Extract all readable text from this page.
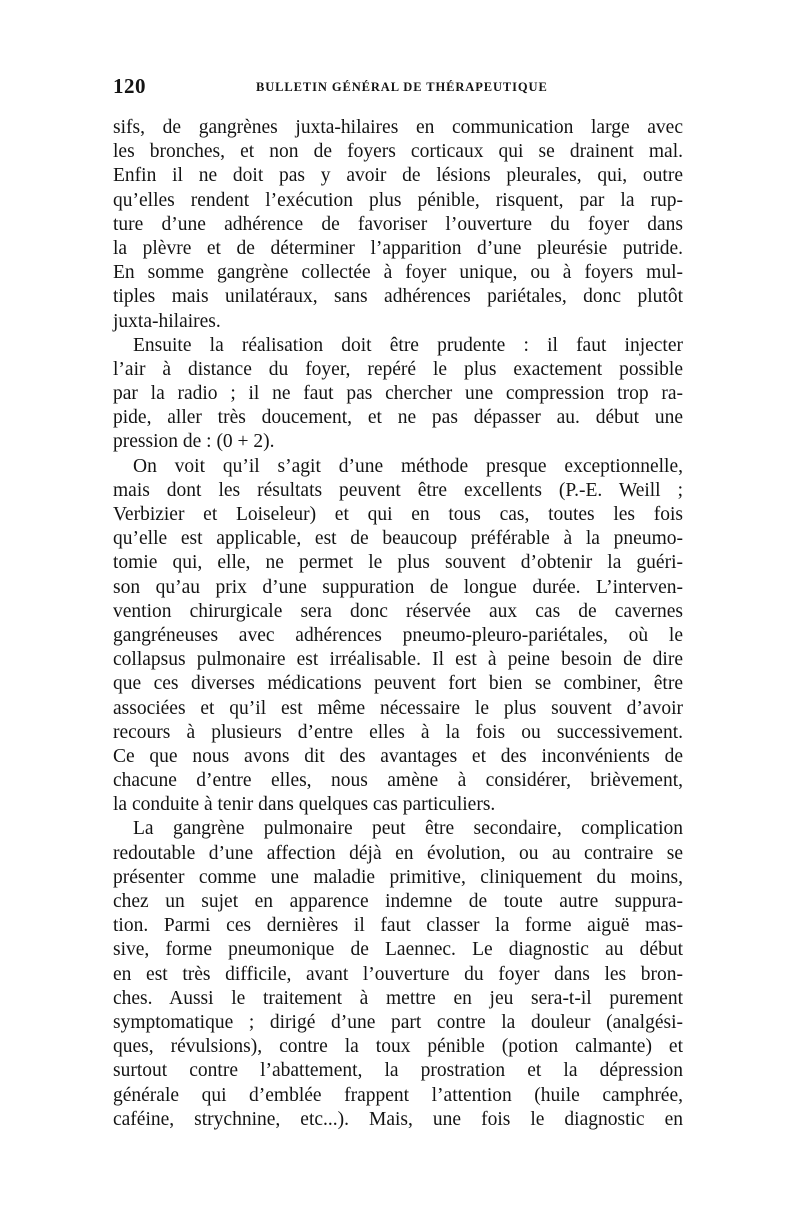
120	BULLETIN GÉNÉRAL DE THÉRAPEUTIQUE
sifs, de gangrènes juxta-hilaires en communication large avec
les bronches, et non de foyers corticaux qui se drainent mal.
Enfin il ne doit pas y avoir de lésions pleurales, qui, outre
qu’elles rendent l’exécution plus pénible, risquent, par la rup-
ture d’une adhérence de favoriser l’ouverture du foyer dans
la plèvre et de déterminer l’apparition d’une pleurésie putride.
En somme gangrène collectée à foyer unique, ou à foyers mul-
tiples mais unilatéraux, sans adhérences pariétales, donc plutôt
juxta-hilaires.
Ensuite la réalisation doit être prudente : il faut injecter
l’air à distance du foyer, repéré le plus exactement possible
par la radio ; il ne faut pas chercher une compression trop ra-
pide, aller très doucement, et ne pas dépasser au. début une
pression de : (0 + 2).
On voit qu’il s’agit d’une méthode presque exceptionnelle,
mais dont les résultats peuvent être excellents (P.-E. Weill ;
Verbizier et Loiseleur) et qui en tous cas, toutes les fois
qu’elle est applicable, est de beaucoup préférable à la pneumo-
tomie qui, elle, ne permet le plus souvent d’obtenir la guéri-
son qu’au prix d’une suppuration de longue durée. L’interven-
vention chirurgicale sera donc réservée aux cas de cavernes
gangréneuses avec adhérences pneumo-pleuro-pariétales, où le
collapsus pulmonaire est irréalisable. Il est à peine besoin de dire
que ces diverses médications peuvent fort bien se combiner, être
associées et qu’il est même nécessaire le plus souvent d’avoir
recours à plusieurs d’entre elles à la fois ou successivement.
Ce que nous avons dit des avantages et des inconvénients de
chacune d’entre elles, nous amène à considérer, brièvement,
la conduite à tenir dans quelques cas particuliers.
La gangrène pulmonaire peut être secondaire, complication
redoutable d’une affection déjà en évolution, ou au contraire se
présenter comme une maladie primitive, cliniquement du moins,
chez un sujet en apparence indemne de toute autre suppura-
tion. Parmi ces dernières il faut classer la forme aiguë mas-
sive, forme pneumonique de Laennec. Le diagnostic au début
en est très difficile, avant l’ouverture du foyer dans les bron-
ches. Aussi le traitement à mettre en jeu sera-t-il purement
symptomatique ; dirigé d’une part contre la douleur (analgési-
ques, révulsions), contre la toux pénible (potion calmante) et
surtout contre l’abattement, la prostration et la dépression
générale qui d’emblée frappent l’attention (huile camphrée,
caféine, strychnine, etc...). Mais, une fois le diagnostic en
